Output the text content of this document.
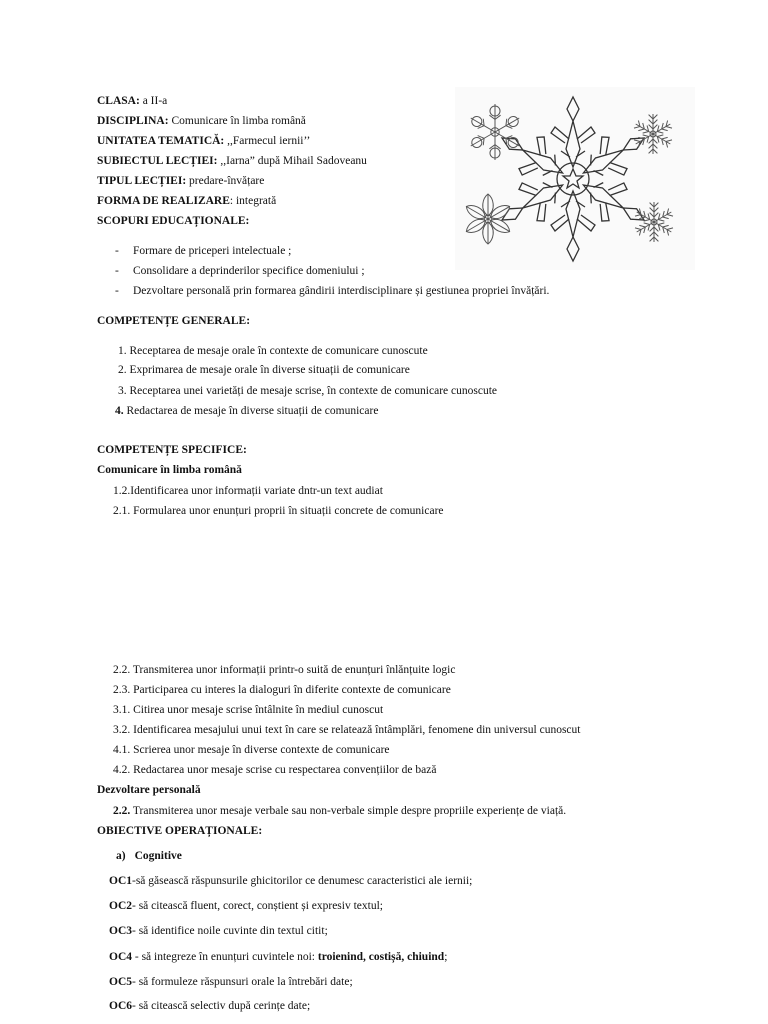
CLASA: a II-a
DISCIPLINA: Comunicare în limba română
UNITATEA TEMATICĂ: ,,Farmecul iernii’’
SUBIECTUL LECȚIEI: ,,Iarna” după Mihail Sadoveanu
TIPUL LECȚIEI: predare-învățare
FORMA DE REALIZARE: integrată
SCOPURI EDUCAȚIONALE:
- Formare de priceperi intelectuale ;
- Consolidare a deprinderilor specifice domeniului ;
- Dezvoltare personală prin formarea gândirii interdisciplinare și gestiunea propriei învățări.
COMPETENȚE GENERALE:
1. Receptarea de mesaje orale în contexte de comunicare cunoscute
2. Exprimarea de mesaje orale în diverse situații de comunicare
3. Receptarea unei varietăți de mesaje scrise, în contexte de comunicare cunoscute
4. Redactarea de mesaje în diverse situații de comunicare
COMPETENȚE SPECIFICE:
Comunicare în limba română
1.2.Identificarea unor informații variate dntr-un text audiat
2.1. Formularea unor enunțuri proprii în situații concrete de comunicare
2.2. Transmiterea unor informații printr-o suită de enunțuri înlănțuite logic
2.3. Participarea cu interes la dialoguri în diferite contexte de comunicare
3.1. Citirea unor mesaje scrise întâlnite în mediul cunoscut
3.2. Identificarea mesajului unui text în care se relatează întâmplări, fenomene din universul cunoscut
4.1. Scrierea unor mesaje în diverse contexte de comunicare
4.2. Redactarea unor mesaje scrise cu respectarea convențiilor de bază
Dezvoltare personală
2.2. Transmiterea unor mesaje verbale sau non-verbale simple despre propriile experiențe de viață.
OBIECTIVE OPERAȚIONALE:
a) Cognitive
OC1-să găsească răspunsurile ghicitorilor ce denumesc caracteristici ale iernii;
OC2- să citească fluent, corect, conștient și expresiv textul;
OC3- să identifice noile cuvinte din textul citit;
OC4 - să integreze în enunțuri cuvintele noi: troienind, costișă, chiuind;
OC5- să formuleze răspunsuri orale la întrebări date;
OC6- să citească selectiv după cerințe date;
